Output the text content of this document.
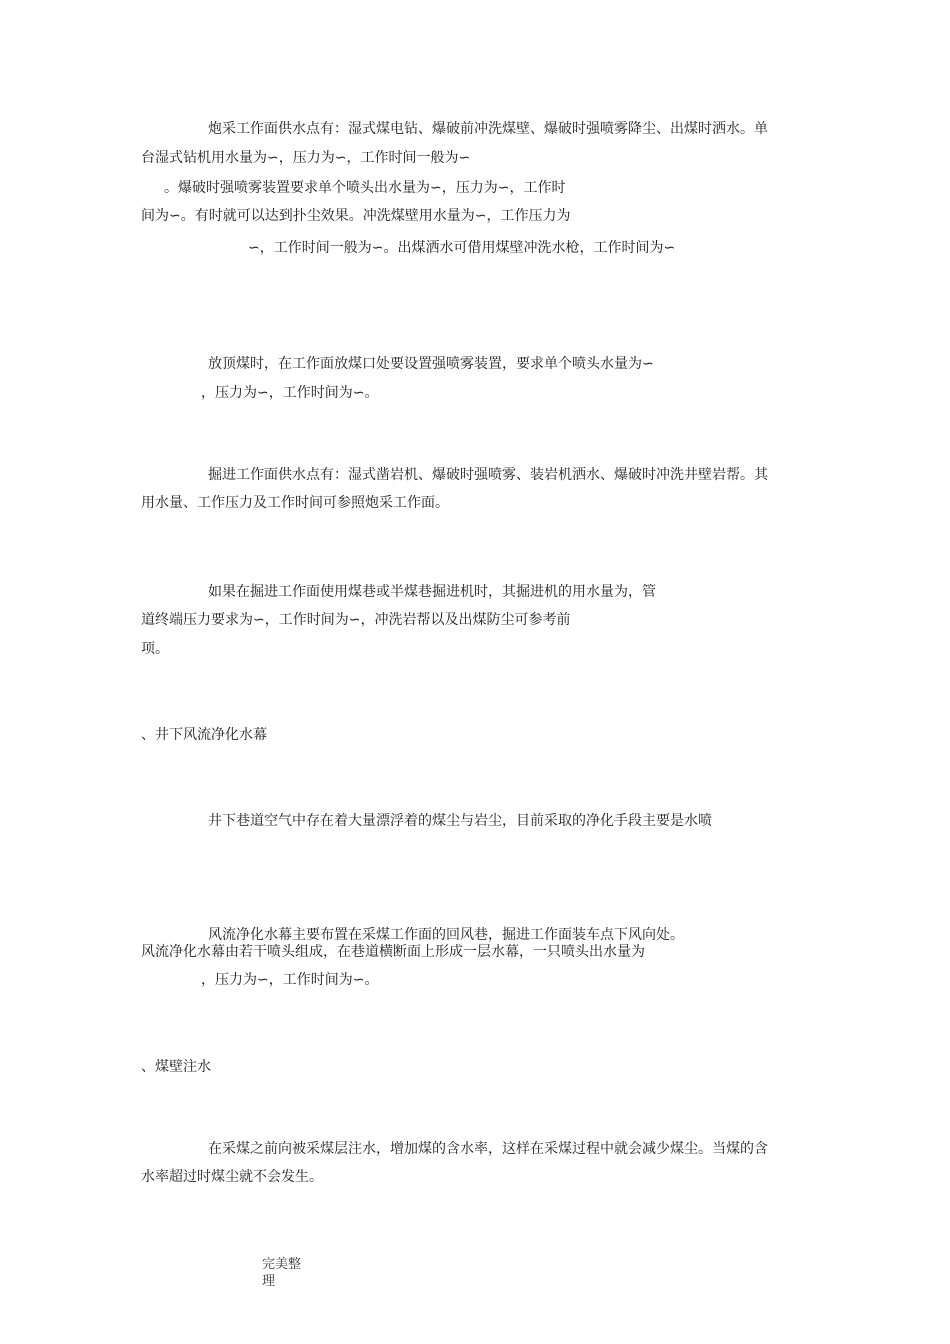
炮采工作面供水点有：湿式煤电钻、爆破前冲洗煤壁、爆破时强喷雾降尘、出煤时洒水。单
台湿式钻机用水量为∽，压力为∽，工作时间一般为∽
。爆破时强喷雾装置要求单个喷头出水量为∽，压力为∽，工作时
间为∽。有时就可以达到扑尘效果。冲洗煤壁用水量为∽，工作压力为
∽，工作时间一般为∽。出煤洒水可借用煤壁冲洗水枪，工作时间为∽
放顶煤时，在工作面放煤口处要设置强喷雾装置，要求单个喷头水量为∽
，压力为∽，工作时间为∽。
掘进工作面供水点有：湿式凿岩机、爆破时强喷雾、装岩机洒水、爆破时冲洗井壁岩帮。其
用水量、工作压力及工作时间可参照炮采工作面。
如果在掘进工作面使用煤巷或半煤巷掘进机时，其掘进机的用水量为，管
道终端压力要求为∽，工作时间为∽，冲洗岩帮以及出煤防尘可参考前
项。
、井下风流净化水幕
井下巷道空气中存在着大量漂浮着的煤尘与岩尘，目前采取的净化手段主要是水喷
风流净化水幕主要布置在采煤工作面的回风巷，掘进工作面装车点下风向处。
风流净化水幕由若干喷头组成，在巷道横断面上形成一层水幕，一只喷头出水量为
，压力为∽，工作时间为∽。
、煤壁注水
在采煤之前向被采煤层注水，增加煤的含水率，这样在采煤过程中就会减少煤尘。当煤的含
水率超过时煤尘就不会发生。
完美整
理
